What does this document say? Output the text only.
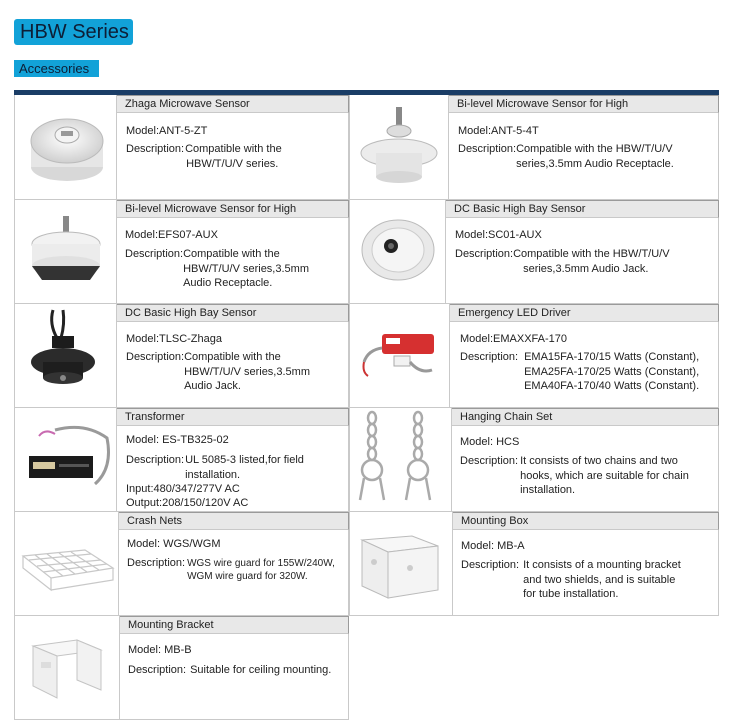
HBW Series
Accessories
Zhaga Microwave Sensor
Model:ANT-5-ZT
Description: Compatible with the
HBW/T/U/V series.
Bi-level Microwave Sensor for High
Model:ANT-5-4T
Description: Compatible with the HBW/T/U/V
series,3.5mm Audio Receptacle.
Bi-level Microwave Sensor for High
Model:EFS07-AUX
Description: Compatible with the
HBW/T/U/V series,3.5mm
Audio Receptacle.
DC Basic High Bay Sensor
Model:SC01-AUX
Description: Compatible with the HBW/T/U/V
series,3.5mm Audio Jack.
DC Basic High Bay Sensor
Model:TLSC-Zhaga
Description: Compatible with the
HBW/T/U/V series,3.5mm
Audio Jack.
Emergency LED Driver
Model:EMAXXFA-170
Description: EMA15FA-170/15 Watts (Constant),
EMA25FA-170/25 Watts (Constant),
EMA40FA-170/40 Watts (Constant).
Transformer
Model: ES-TB325-02
Description: UL 5085-3 listed,for field
installation.
Input:480/347/277V AC
Output:208/150/120V AC
Hanging Chain Set
Model: HCS
Description: It consists of two chains and two
hooks, which are suitable for chain
installation.
Crash Nets
Model: WGS/WGM
Description: WGS wire guard for 155W/240W,
WGM wire guard for 320W.
Mounting Box
Model: MB-A
Description: It consists of a mounting bracket
and two shields, and is suitable
for tube installation.
Mounting Bracket
Model: MB-B
Description: Suitable for ceiling mounting.
